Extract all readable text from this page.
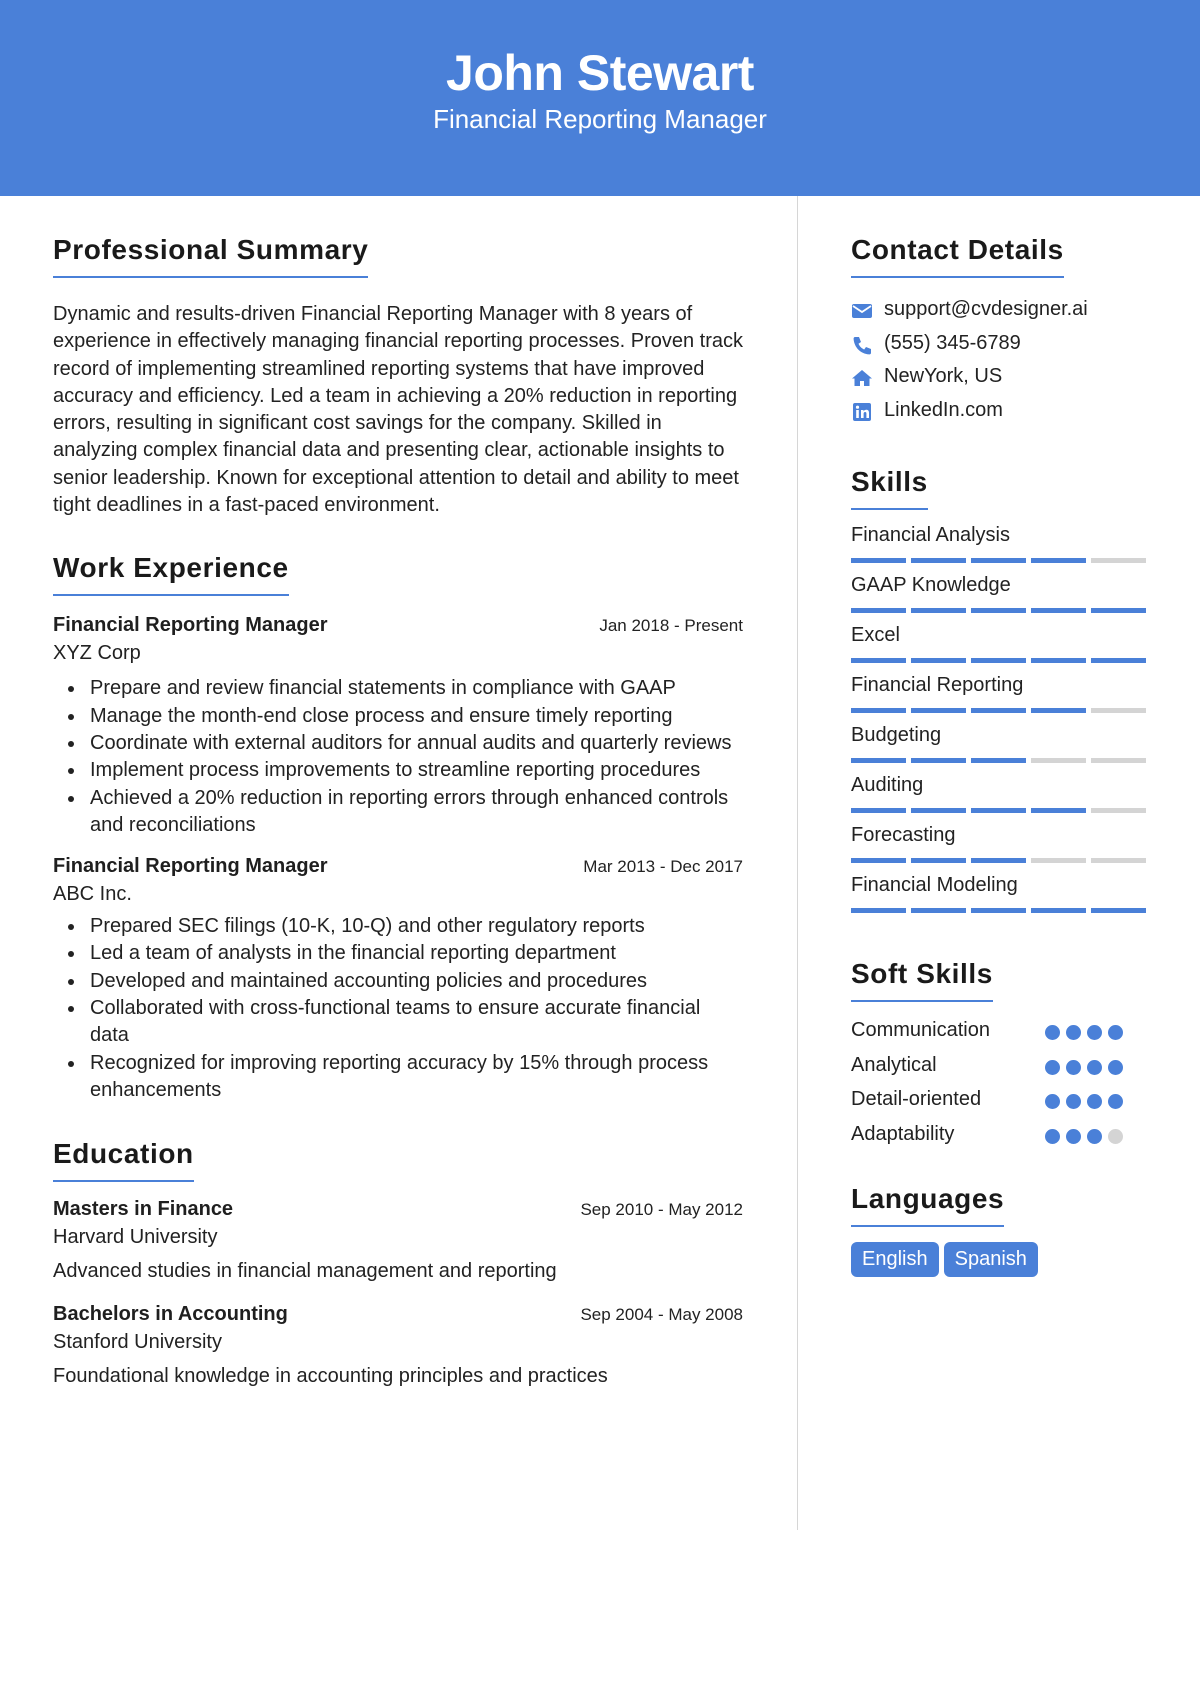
John Stewart
Financial Reporting Manager
Professional Summary
Dynamic and results-driven Financial Reporting Manager with 8 years of experience in effectively managing financial reporting processes. Proven track record of implementing streamlined reporting systems that have improved accuracy and efficiency. Led a team in achieving a 20% reduction in reporting errors, resulting in significant cost savings for the company. Skilled in analyzing complex financial data and presenting clear, actionable insights to senior leadership. Known for exceptional attention to detail and ability to meet tight deadlines in a fast-paced environment.
Work Experience
Financial Reporting Manager	Jan 2018 - Present
XYZ Corp
Prepare and review financial statements in compliance with GAAP
Manage the month-end close process and ensure timely reporting
Coordinate with external auditors for annual audits and quarterly reviews
Implement process improvements to streamline reporting procedures
Achieved a 20% reduction in reporting errors through enhanced controls and reconciliations
Financial Reporting Manager	Mar 2013 - Dec 2017
ABC Inc.
Prepared SEC filings (10-K, 10-Q) and other regulatory reports
Led a team of analysts in the financial reporting department
Developed and maintained accounting policies and procedures
Collaborated with cross-functional teams to ensure accurate financial data
Recognized for improving reporting accuracy by 15% through process enhancements
Education
Masters in Finance	Sep 2010 - May 2012
Harvard University
Advanced studies in financial management and reporting
Bachelors in Accounting	Sep 2004 - May 2008
Stanford University
Foundational knowledge in accounting principles and practices
Contact Details
support@cvdesigner.ai
(555) 345-6789
NewYork, US
LinkedIn.com
Skills
Financial Analysis
GAAP Knowledge
Excel
Financial Reporting
Budgeting
Auditing
Forecasting
Financial Modeling
Soft Skills
Communication
Analytical
Detail-oriented
Adaptability
Languages
English Spanish
